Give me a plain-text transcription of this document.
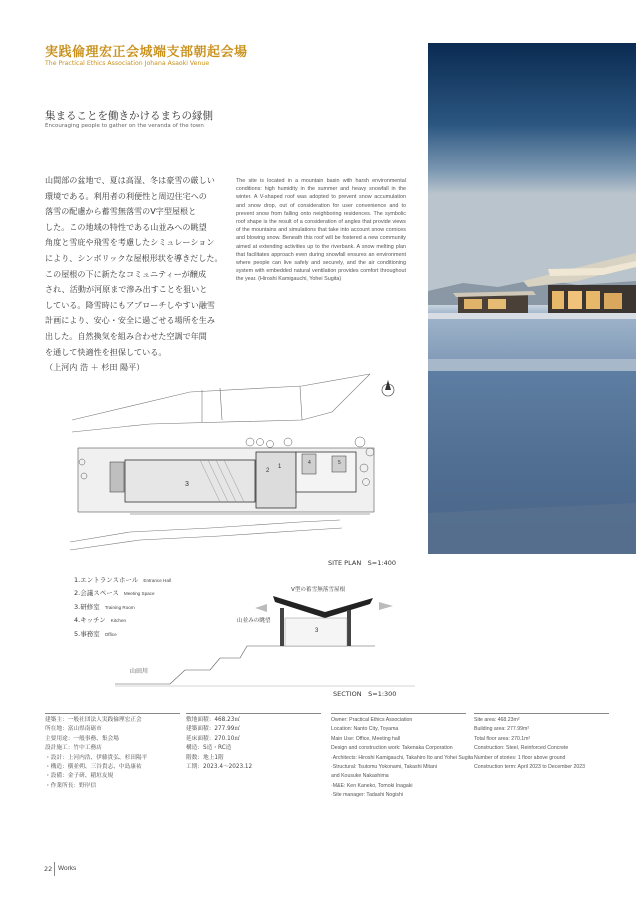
実践倫理宏正会城端支部朝起会場
The Practical Ethics Association Johana Asaoki Venue
集まることを働きかけるまちの縁側
Encouraging people to gather on the veranda of the town

山間部の盆地で、夏は高湿、冬は豪雪の厳しい

環境である。利用者の利便性と周辺住宅への

落雪の配慮から蓄雪無落雪のV字型屋根と

した。この地域の特性である山並みへの眺望

角度と雪庇や飛雪を考慮したシミュレーション

により、シンボリックな屋根形状を導きだした。

この屋根の下に新たなコミュニティーが醸成

され、活動が河原まで滲み出すことを狙いと

している。降雪時にもアプローチしやすい融雪

計画により、安心・安全に過ごせる場所を生み

出した。自然換気を組み合わせた空調で年間

を通して快適性を担保している。

（上河内 浩 ＋ 杉田 陽平）

The site is located in a mountain basin with harsh environmental conditions: high humidity in the summer and heavy snowfall in the winter. A V-shaped roof was adopted to prevent snow accumulation and snow drop, out of consideration for user convenience and to prevent snow from falling onto neighboring residences. The symbolic roof shape is the result of a consideration of angles that provide views of the mountains and simulations that take into account snow cornices and blowing snow. Beneath this roof will be fostered a new community aimed at extending activities up to the riverbank. A snow melting plan that facilitates approach even during snowfall ensures an environment where people can live safely and securely, and the air conditioning system with embedded natural ventilation provides comfort throughout the year. (Hiroshi Kamigauchi, Yohei Sugita)
1
2
3
4	5
SITE PLAN　S=1:400
1.エントランスホール Entrance Hall
2.会議スペース Meeting Space
3.研修室 Training Room
4.キッチン Kitchen
5.事務室 Office
V型の蓄雪無落雪屋根
山並みの眺望
3
山田川
SECTION　S=1:300
建築主：一般社団法人実践倫理宏正会
所在地：富山県南砺市
主要用途：一般事務、集会場
設計施工：竹中工務店
・設計：上河内浩、伊藤貴弘、杉田陽平
・構造：横並朔、三谷貴志、中島康祐
・設備：金子研、稲垣友規
・作業所長：野岸信
敷地面積：468.23㎡
建築面積：277.99㎡
延床面積：270.10㎡
構造：S造・RC造
階数：地上1階
工期：2023.4〜2023.12
Owner: Practical Ethics Association
Location: Nanto City, Toyama
Main Use: Office, Meeting hall
Design and construction work: Takenaka Corporation
·Architects: Hiroshi Kamigauchi, Takahiro Ito and Yohei Sugita
·Structural: Tsutomu Yokonami, Takashi Mitani
and Kousuke Nakashima
·M&E: Ken Kaneko, Tomoki Inagaki
·Site manager: Tadashi Nogishi
Site area: 468.23m²
Building area: 277.99m²
Total floor area: 270.1m²
Construction: Steel, Reinforced Concrete
Number of stories: 1 floor above ground
Construction term: April 2023 to December 2023
22 Works
